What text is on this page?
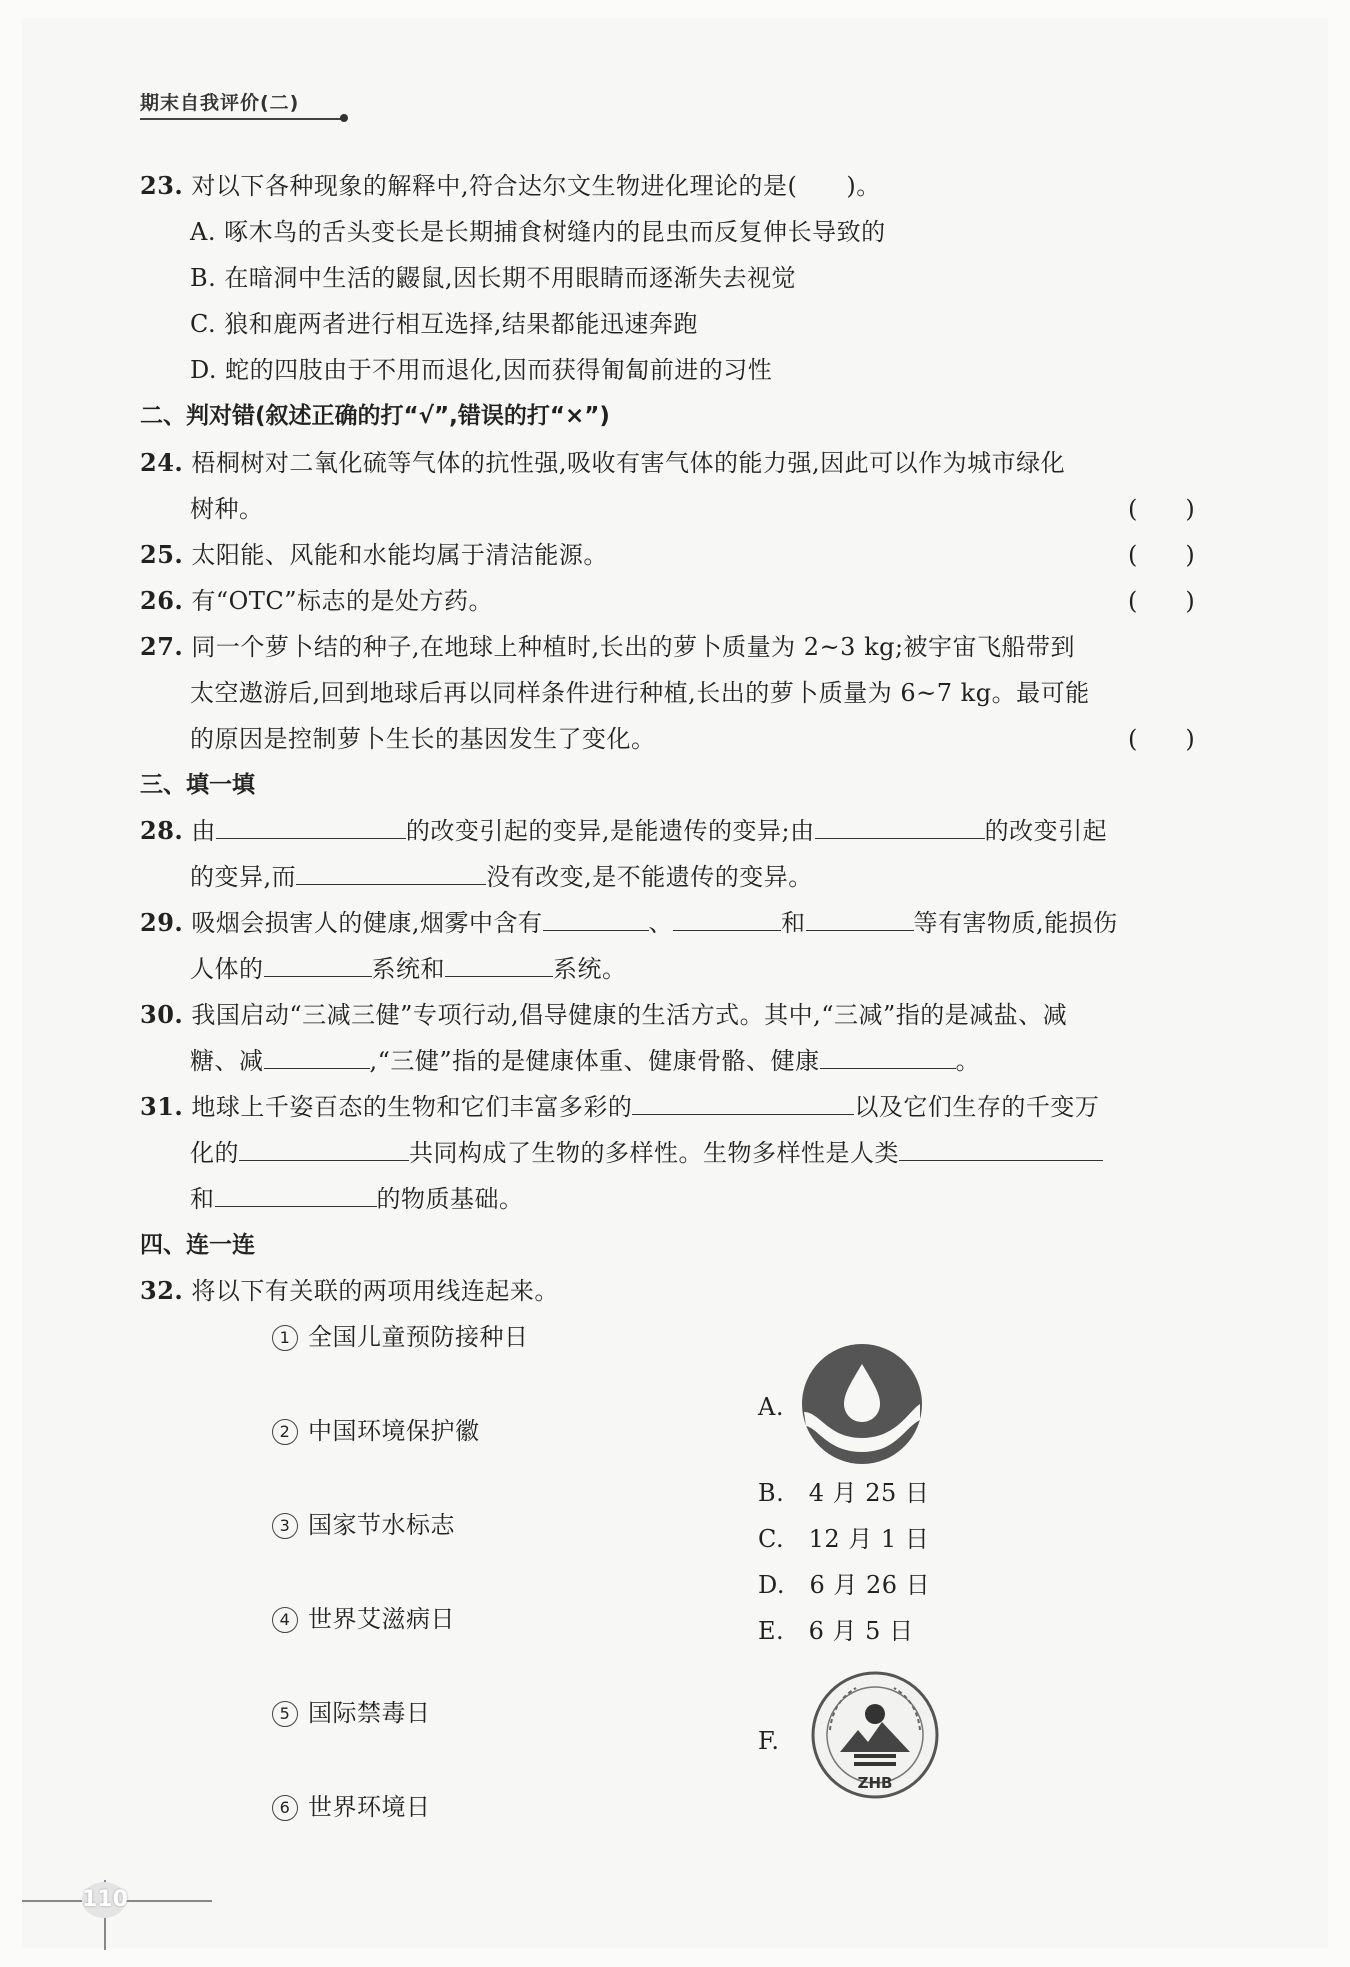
期末自我评价(二)
23. 对以下各种现象的解释中,符合达尔文生物进化理论的是(　　)。
A. 啄木鸟的舌头变长是长期捕食树缝内的昆虫而反复伸长导致的
B. 在暗洞中生活的鼹鼠,因长期不用眼睛而逐渐失去视觉
C. 狼和鹿两者进行相互选择,结果都能迅速奔跑
D. 蛇的四肢由于不用而退化,因而获得匍匐前进的习性
二、判对错(叙述正确的打“√”,错误的打“×”)
24. 梧桐树对二氧化硫等气体的抗性强,吸收有害气体的能力强,因此可以作为城市绿化
树种。	(　　)
25. 太阳能、风能和水能均属于清洁能源。	(　　)
26. 有“OTC”标志的是处方药。	(　　)
27. 同一个萝卜结的种子,在地球上种植时,长出的萝卜质量为 2~3 kg;被宇宙飞船带到
太空遨游后,回到地球后再以同样条件进行种植,长出的萝卜质量为 6~7 kg。最可能
的原因是控制萝卜生长的基因发生了变化。	(　　)
三、填一填
28. 由	的改变引起的变异,是能遗传的变异;由	的改变引起
的变异,而	没有改变,是不能遗传的变异。
29. 吸烟会损害人的健康,烟雾中含有	、	和	等有害物质,能损伤
人体的	系统和	系统。
30. 我国启动“三减三健”专项行动,倡导健康的生活方式。其中,“三减”指的是减盐、减
糖、减	,“三健”指的是健康体重、健康骨骼、健康	。
31. 地球上千姿百态的生物和它们丰富多彩的	以及它们生存的千变万
化的	共同构成了生物的多样性。生物多样性是人类
和	的物质基础。
四、连一连
32. 将以下有关联的两项用线连起来。
1 全国儿童预防接种日
2 中国环境保护徽
3 国家节水标志
4 世界艾滋病日
5 国际禁毒日
6 世界环境日
A.
B.　4 月 25 日
C.　12 月 1 日
D.　6 月 26 日
E.　6 月 5 日
F.
ZHB
110
